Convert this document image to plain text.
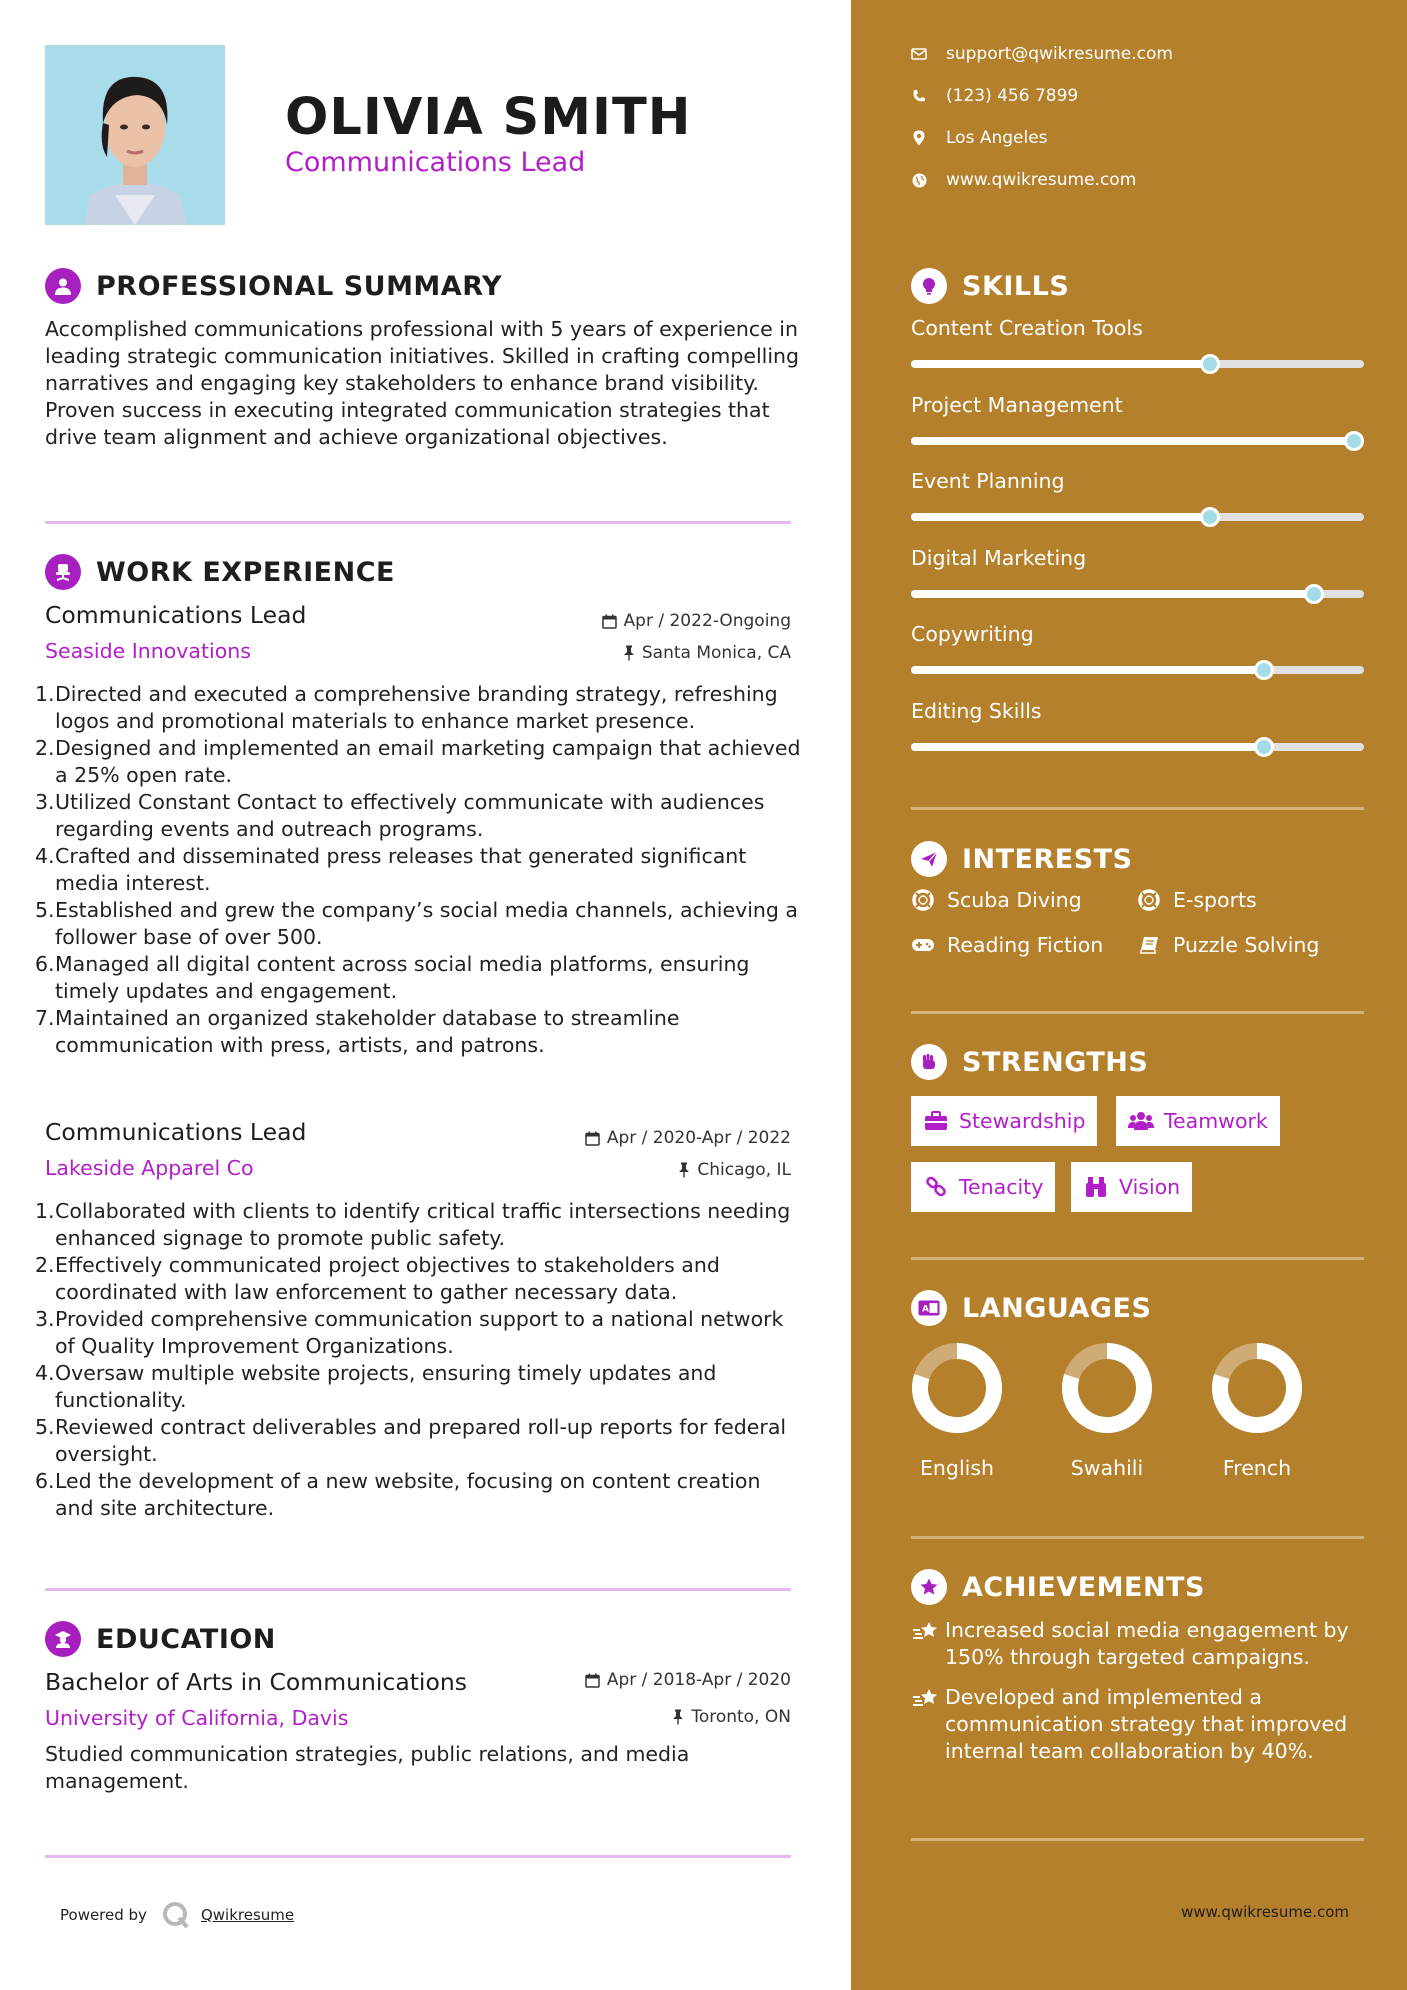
OLIVIA SMITH
Communications Lead
PROFESSIONAL SUMMARY
Accomplished communications professional with 5 years of experience in leading strategic communication initiatives. Skilled in crafting compelling narratives and engaging key stakeholders to enhance brand visibility. Proven success in executing integrated communication strategies that drive team alignment and achieve organizational objectives.
WORK EXPERIENCE
Communications Lead	Apr / 2022-Ongoing
Seaside Innovations	Santa Monica, CA
1. Directed and executed a comprehensive branding strategy, refreshing logos and promotional materials to enhance market presence.
2. Designed and implemented an email marketing campaign that achieved a 25% open rate.
3. Utilized Constant Contact to effectively communicate with audiences regarding events and outreach programs.
4. Crafted and disseminated press releases that generated significant media interest.
5. Established and grew the company’s social media channels, achieving a follower base of over 500.
6. Managed all digital content across social media platforms, ensuring timely updates and engagement.
7. Maintained an organized stakeholder database to streamline communication with press, artists, and patrons.
Communications Lead	Apr / 2020-Apr / 2022
Lakeside Apparel Co	Chicago, IL
1. Collaborated with clients to identify critical traffic intersections needing enhanced signage to promote public safety.
2. Effectively communicated project objectives to stakeholders and coordinated with law enforcement to gather necessary data.
3. Provided comprehensive communication support to a national network of Quality Improvement Organizations.
4. Oversaw multiple website projects, ensuring timely updates and functionality.
5. Reviewed contract deliverables and prepared roll-up reports for federal oversight.
6. Led the development of a new website, focusing on content creation and site architecture.
EDUCATION
Bachelor of Arts in Communications	Apr / 2018-Apr / 2020
University of California, Davis	Toronto, ON
Studied communication strategies, public relations, and media management.
Powered by	Qwikresume
support@qwikresume.com
(123) 456 7899
Los Angeles
www.qwikresume.com
SKILLS
Content Creation Tools
Project Management
Event Planning
Digital Marketing
Copywriting
Editing Skills
INTERESTS
Scuba Diving	E-sports
Reading Fiction	Puzzle Solving
STRENGTHS
Stewardship	Teamwork
Tenacity	Vision
A LANGUAGES
English	Swahili	French
ACHIEVEMENTS
Increased social media engagement by 150% through targeted campaigns.
Developed and implemented a communication strategy that improved internal team collaboration by 40%.
www.qwikresume.com
